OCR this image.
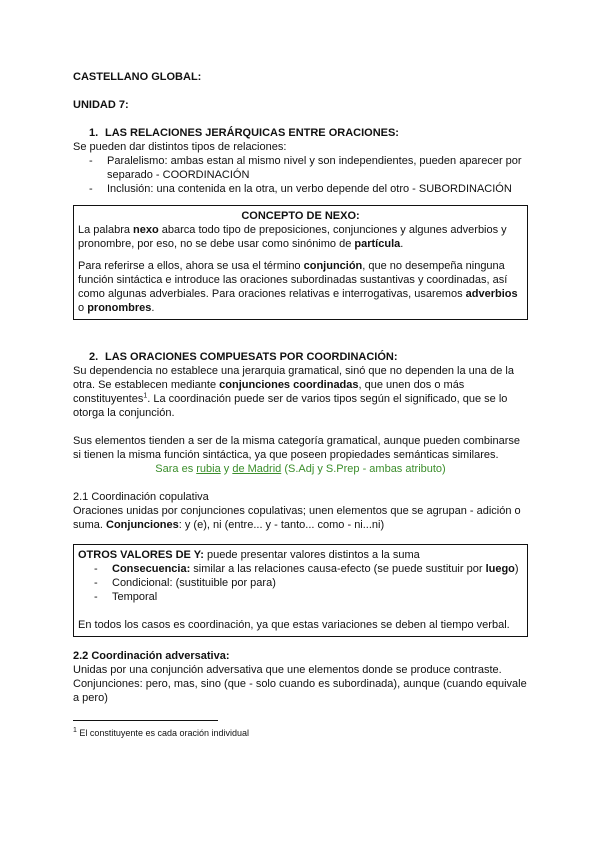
CASTELLANO GLOBAL:

UNIDAD 7:

1. LAS RELACIONES JERÁRQUICAS ENTRE ORACIONES:

Se pueden dar distintos tipos de relaciones:

- Paralelismo: ambas estan al mismo nivel y son independientes, pueden aparecer por separado - COORDINACIÓN
- Inclusión: una contenida en la otra, un verbo depende del otro - SUBORDINACIÓN

CONCEPTO DE NEXO:

La palabra nexo abarca todo tipo de preposiciones, conjunciones y algunes adverbios y pronombre, por eso, no se debe usar como sinónimo de partícula.

Para referirse a ellos, ahora se usa el término conjunción, que no desempeña ninguna función sintáctica e introduce las oraciones subordinadas sustantivas y coordinadas, así como algunas adverbiales. Para oraciones relativas e interrogativas, usaremos adverbios o pronombres.

2. LAS ORACIONES COMPUESATS POR COORDINACIÓN:

Su dependencia no establece una jerarquia gramatical, sinó que no dependen la una de la otra. Se establecen mediante conjunciones coordinadas, que unen dos o más constituyentes$^1$. La coordinación puede ser de varios tipos según el significado, que se lo otorga la conjunción.

Sus elementos tienden a ser de la misma categoría gramatical, aunque pueden combinarse si tienen la misma función sintáctica, ya que poseen propiedades semánticas similares.

Sara es rubia y de Madrid (S.Adj y S.Prep - ambas atributo)

2.1 Coordinación copulativa

Oraciones unidas por conjunciones copulativas; unen elementos que se agrupan - adición o suma. Conjunciones: y (e), ni (entre... y - tanto... como - ni...ni)

OTROS VALORES DE Y: puede presentar valores distintos a la suma

- Consecuencia: similar a las relaciones causa-efecto (se puede sustituir por luego)
- Condicional: (sustituible por para)
- Temporal

En todos los casos es coordinación, ya que estas variaciones se deben al tiempo verbal.

2.2 Coordinación adversativa:

Unidas por una conjunción adversativa que une elementos donde se produce contraste.

Conjunciones: pero, mas, sino (que - solo cuando es subordinada), aunque (cuando equivale a pero)

$^1$ El constituyente es cada oración individual
